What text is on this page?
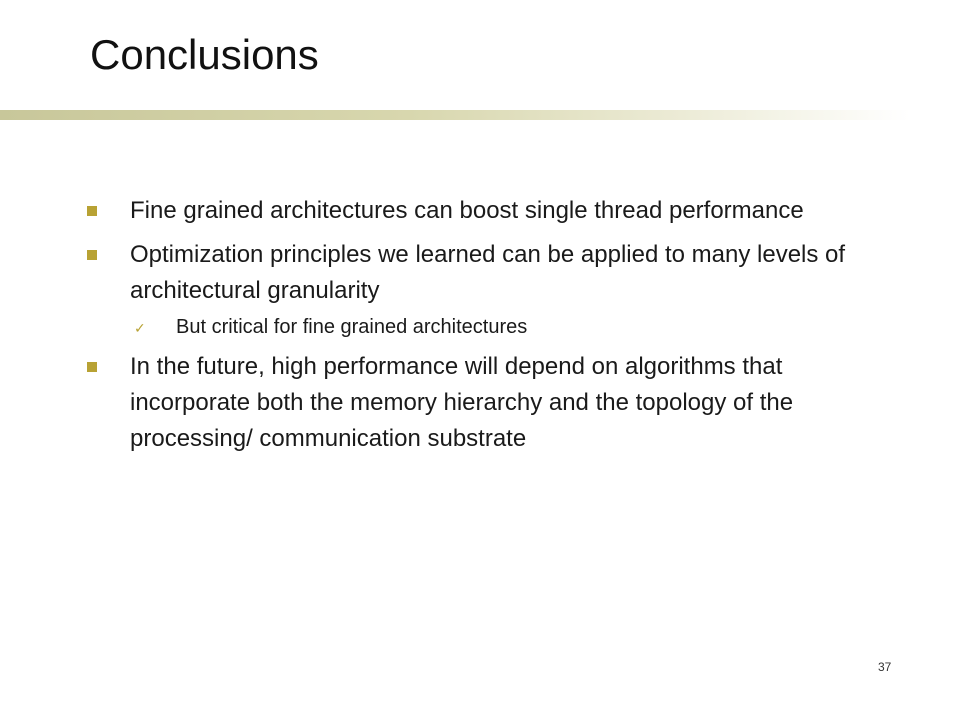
Conclusions
Fine grained architectures can boost single thread performance
Optimization principles we learned can be applied to many levels of architectural granularity
✓ But critical for fine grained architectures
In the future, high performance will depend on algorithms that incorporate both the memory hierarchy and the topology of the processing/ communication substrate
37
